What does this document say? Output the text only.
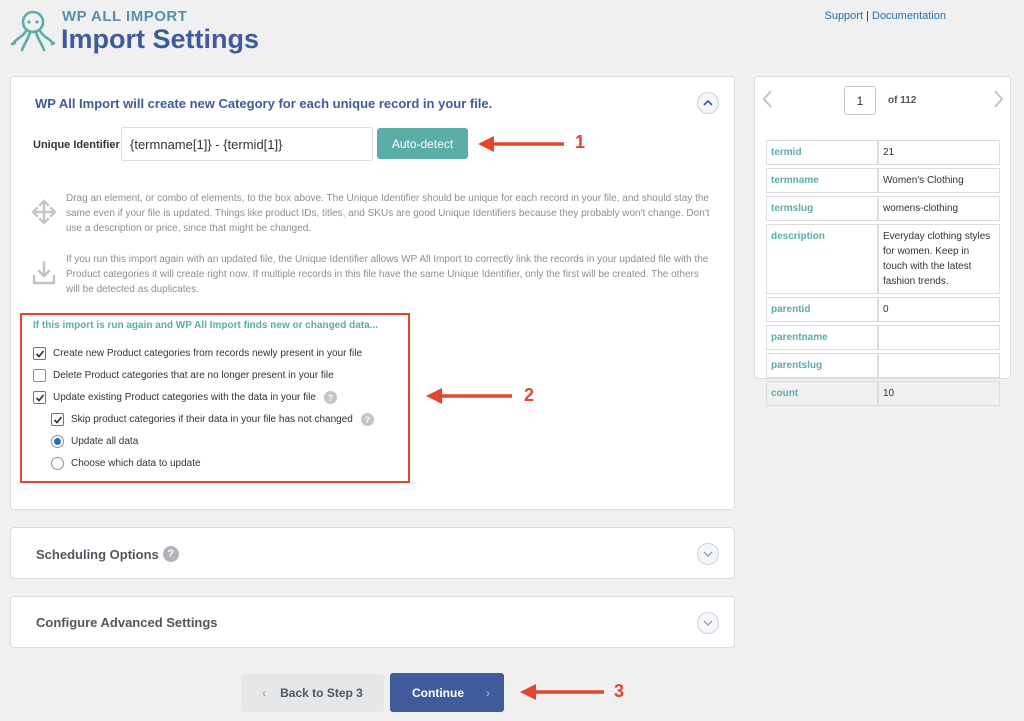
WP ALL IMPORT
Import Settings
Support | Documentation
WP All Import will create new Category for each unique record in your file.
Unique Identifier
{termname[1]} - {termid[1]}	Auto-detect

Drag an element, or combo of elements, to the box above. The Unique Identifier should be unique for each record in your file, and should stay the same even if your file is updated. Things like product IDs, titles, and SKUs are good Unique Identifiers because they probably won't change. Don't use a description or price, since that might be changed.

If you run this import again with an updated file, the Unique Identifier allows WP All Import to correctly link the records in your updated file with the Product categories it will create right now. If multiple records in this file have the same Unique Identifier, only the first will be created. The others will be detected as duplicates.

If this import is run again and WP All Import finds new or changed data...
Create new Product categories from records newly present in your file
Delete Product categories that are no longer present in your file
Update existing Product categories with the data in your file	?
Skip product categories if their data in your file has not changed	?
Update all data
Choose which data to update
Scheduling Options ?
Configure Advanced Settings
‹ Back to Step 3	Continue ›
1
of 112
termid	21
termname	Women's Clothing
termslug	womens-clothing
description	Everyday clothing styles for women. Keep in touch with the latest fashion trends.
parentid	0
parentname	
parentslug	
count	10
1
2
3
